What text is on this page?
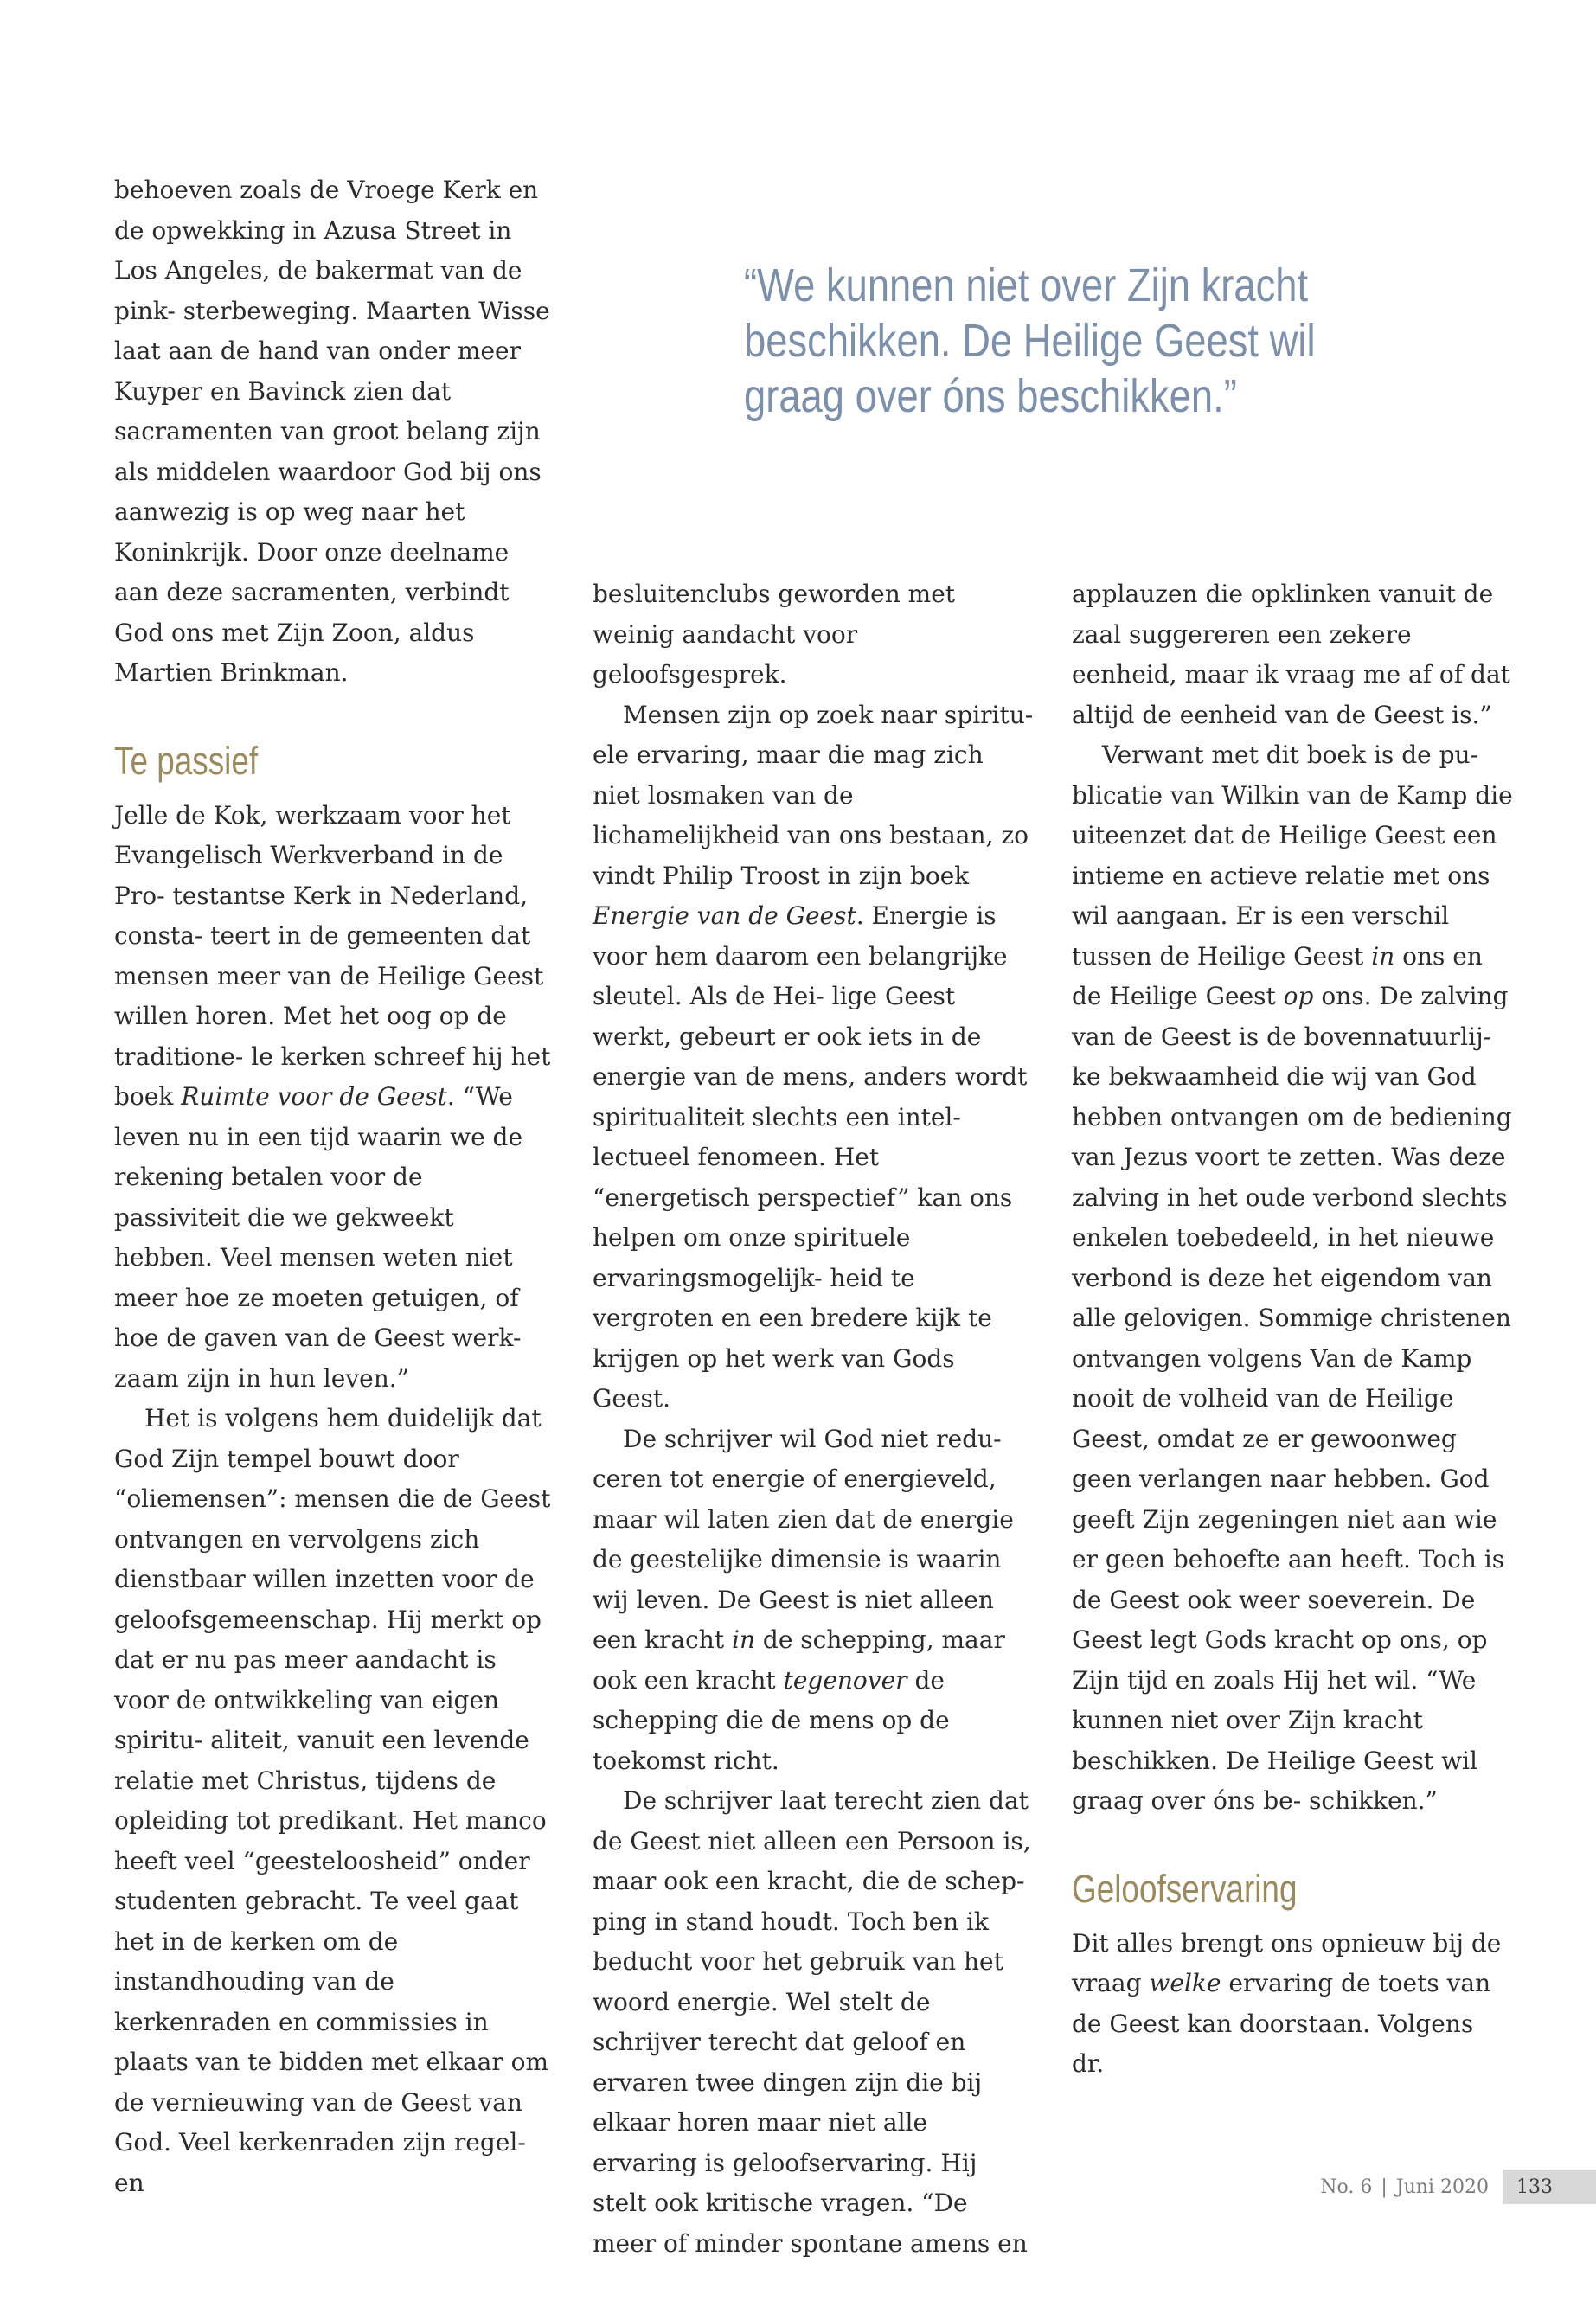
“We kunnen niet over Zijn kracht beschikken. De Heilige Geest wil graag over óns beschikken.”

behoeven zoals de Vroege Kerk en de opwekking in Azusa Street in Los Angeles, de bakermat van de pink- sterbeweging. Maarten Wisse laat aan de hand van onder meer Kuyper en Bavinck zien dat sacramenten van groot belang zijn als middelen waardoor God bij ons aanwezig is op weg naar het Koninkrijk. Door onze deelname aan deze sacramenten, verbindt God ons met Zijn Zoon, aldus Martien Brinkman.

Te passief

Jelle de Kok, werkzaam voor het Evangelisch Werkverband in de Pro- testantse Kerk in Nederland, consta- teert in de gemeenten dat mensen meer van de Heilige Geest willen horen. Met het oog op de traditione- le kerken schreef hij het boek Ruimte voor de Geest. “We leven nu in een tijd waarin we de rekening betalen voor de passiviteit die we gekweekt hebben. Veel mensen weten niet meer hoe ze moeten getuigen, of hoe de gaven van de Geest werk- zaam zijn in hun leven.”

Het is volgens hem duidelijk dat God Zijn tempel bouwt door “oliemensen”: mensen die de Geest ontvangen en vervolgens zich dienstbaar willen inzetten voor de geloofsgemeenschap. Hij merkt op dat er nu pas meer aandacht is voor de ontwikkeling van eigen spiritu- aliteit, vanuit een levende relatie met Christus, tijdens de opleiding tot predikant. Het manco heeft veel “geesteloosheid” onder studenten gebracht. Te veel gaat het in de kerken om de instandhouding van de kerkenraden en commissies in plaats van te bidden met elkaar om de vernieuwing van de Geest van God. Veel kerkenraden zijn regel- en

besluitenclubs geworden met weinig aandacht voor geloofsgesprek.

Mensen zijn op zoek naar spiritu- ele ervaring, maar die mag zich niet losmaken van de lichamelijkheid van ons bestaan, zo vindt Philip Troost in zijn boek Energie van de Geest. Energie is voor hem daarom een belangrijke sleutel. Als de Hei- lige Geest werkt, gebeurt er ook iets in de energie van de mens, anders wordt spiritualiteit slechts een intel- lectueel fenomeen. Het “energetisch perspectief” kan ons helpen om onze spirituele ervaringsmogelijk- heid te vergroten en een bredere kijk te krijgen op het werk van Gods Geest.

De schrijver wil God niet redu- ceren tot energie of energieveld, maar wil laten zien dat de energie de geestelijke dimensie is waarin wij leven. De Geest is niet alleen een kracht in de schepping, maar ook een kracht tegenover de schepping die de mens op de toekomst richt.

De schrijver laat terecht zien dat de Geest niet alleen een Persoon is, maar ook een kracht, die de schep- ping in stand houdt. Toch ben ik beducht voor het gebruik van het woord energie. Wel stelt de schrijver terecht dat geloof en ervaren twee dingen zijn die bij elkaar horen maar niet alle ervaring is geloofservaring. Hij stelt ook kritische vragen. “De meer of minder spontane amens en

applauzen die opklinken vanuit de zaal suggereren een zekere eenheid, maar ik vraag me af of dat altijd de eenheid van de Geest is.”

Verwant met dit boek is de pu- blicatie van Wilkin van de Kamp die uiteenzet dat de Heilige Geest een intieme en actieve relatie met ons wil aangaan. Er is een verschil tussen de Heilige Geest in ons en de Heilige Geest op ons. De zalving van de Geest is de bovennatuurlij- ke bekwaamheid die wij van God hebben ontvangen om de bediening van Jezus voort te zetten. Was deze zalving in het oude verbond slechts enkelen toebedeeld, in het nieuwe verbond is deze het eigendom van alle gelovigen. Sommige christenen ontvangen volgens Van de Kamp nooit de volheid van de Heilige Geest, omdat ze er gewoonweg geen verlangen naar hebben. God geeft Zijn zegeningen niet aan wie er geen behoefte aan heeft. Toch is de Geest ook weer soeverein. De Geest legt Gods kracht op ons, op Zijn tijd en zoals Hij het wil. “We kunnen niet over Zijn kracht beschikken. De Heilige Geest wil graag over óns be- schikken.”

Geloofservaring

Dit alles brengt ons opnieuw bij de vraag welke ervaring de toets van de Geest kan doorstaan. Volgens dr.

No. 6 | Juni 2020	133
